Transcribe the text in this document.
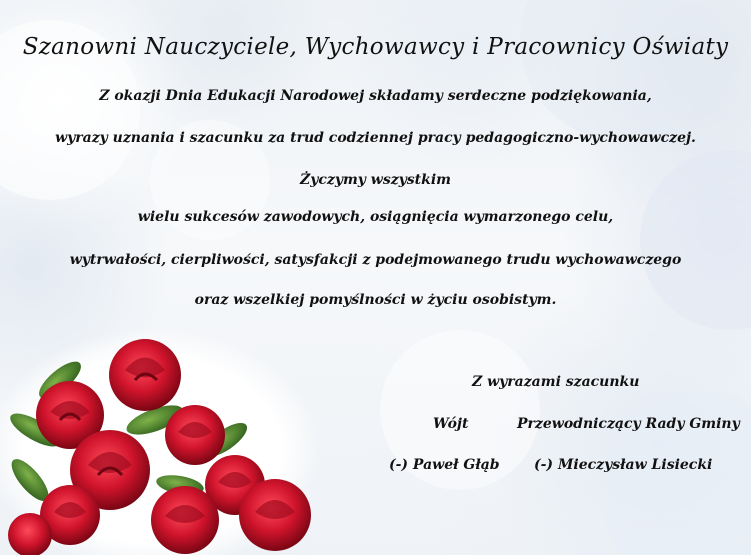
Szanowni Nauczyciele, Wychowawcy i Pracownicy Oświaty
Z okazji Dnia Edukacji Narodowej składamy serdeczne podziękowania,
wyrazy uznania i szacunku za trud codziennej pracy pedagogiczno-wychowawczej.
Życzymy wszystkim
wielu sukcesów zawodowych, osiągnięcia wymarzonego celu,
wytrwałości, cierpliwości, satysfakcji z podejmowanego trudu wychowawczego
oraz wszelkiej pomyślności w życiu osobistym.
Z wyrazami szacunku
Wójt	Przewodniczący Rady Gminy
(-) Paweł Głąb (-) Mieczysław Lisiecki
